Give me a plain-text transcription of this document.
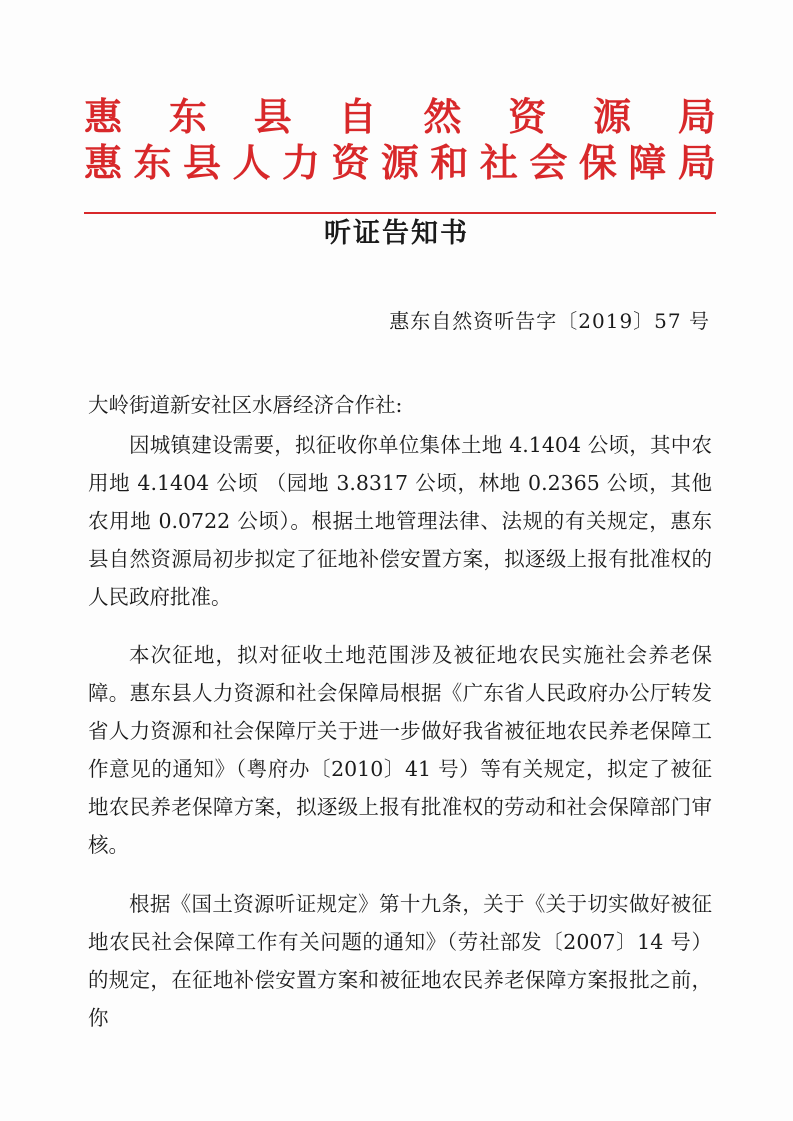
惠 东 县 自 然 资 源 局
惠 东 县 人 力 资 源 和 社 会 保 障 局
听证告知书
惠东自然资听告字〔2019〕57 号
大岭街道新安社区水唇经济合作社:

因城镇建设需要，拟征收你单位集体土地 4.1404 公顷，其中农用地 4.1404 公顷 （园地 3.8317 公顷，林地 0.2365 公顷，其他农用地 0.0722 公顷）。根据土地管理法律、法规的有关规定，惠东县自然资源局初步拟定了征地补偿安置方案，拟逐级上报有批准权的人民政府批准。

本次征地，拟对征收土地范围涉及被征地农民实施社会养老保障。惠东县人力资源和社会保障局根据《广东省人民政府办公厅转发省人力资源和社会保障厅关于进一步做好我省被征地农民养老保障工作意见的通知》（粤府办〔2010〕41 号）等有关规定，拟定了被征地农民养老保障方案，拟逐级上报有批准权的劳动和社会保障部门审核。

根据《国土资源听证规定》第十九条，关于《关于切实做好被征地农民社会保障工作有关问题的通知》（劳社部发〔2007〕14 号）的规定，在征地补偿安置方案和被征地农民养老保障方案报批之前，你
